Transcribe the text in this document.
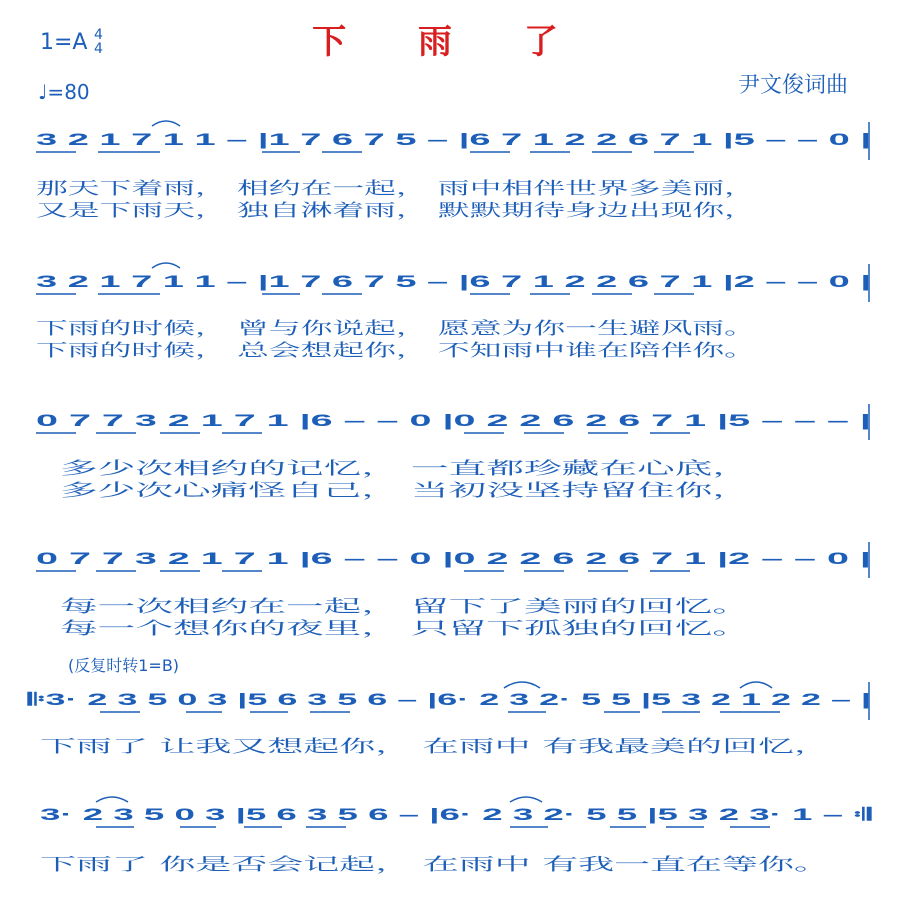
下 雨 了
1=A 4
4
♩=80	尹文俊词曲
(反复时转1=B)
3 2 1 7 1 1 – |1 7 6 7 5 – |6 7 1 2 2 6 7 1 |5 – – 0 |
那天下着雨， 相约在一起， 雨中相伴世界多美丽，
又是下雨天， 独自淋着雨， 默默期待身边出现你，
3 2 1 7 1 1 – |1 7 6 7 5 – |6 7 1 2 2 6 7 1 |2 – – 0 |
下雨的时候， 曾与你说起， 愿意为你一生避风雨。
下雨的时候， 总会想起你， 不知雨中谁在陪伴你。
0 7 7 3 2 1 7 1 |6 – – 0 |0 2 2 6 2 6 7 1 |5 – – – |
多少次相约的记忆， 一直都珍藏在心底，
多少次心痛怪自己， 当初没坚持留住你，
0 7 7 3 2 1 7 1 |6 – – 0 |0 2 2 6 2 6 7 1 |2 – – 0 |
每一次相约在一起， 留下了美丽的回忆。
每一个想你的夜里， 只留下孤独的回忆。
𝄆3· 2 3 5 0 3 |5 6 3 5 6 – |6· 2 3 2· 5 5 |5 3 2 1 2 2 – |
下雨了 让我又想起你， 在雨中 有我最美的回忆，
3· 2 3 5 0 3 |5 6 3 5 6 – |6· 2 3 2· 5 5 |5 3 2 3· 1 – 𝄇
下雨了 你是否会记起， 在雨中 有我一直在等你。
